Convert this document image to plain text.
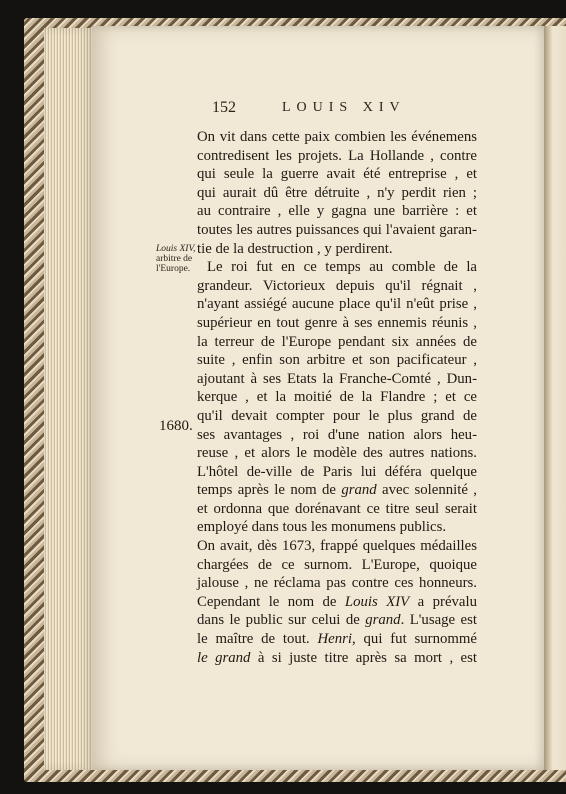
152	LOUIS XIV
Louis XIV,
arbitre de
l'Europe.
1680.
On vit dans cette paix combien les événemens
contredisent les projets. La Hollande , contre
qui seule la guerre avait été entreprise , et
qui aurait dû être détruite , n'y perdit rien ;
au contraire , elle y gagna une barrière : et
toutes les autres puissances qui l'avaient garan-
tie de la destruction , y perdirent.
Le roi fut en ce temps au comble de la
grandeur. Victorieux depuis qu'il régnait ,
n'ayant assiégé aucune place qu'il n'eût prise ,
supérieur en tout genre à ses ennemis réunis ,
la terreur de l'Europe pendant six années de
suite , enfin son arbitre et son pacificateur ,
ajoutant à ses Etats la Franche-Comté , Dun-
kerque , et la moitié de la Flandre ; et ce
qu'il devait compter pour le plus grand de
ses avantages , roi d'une nation alors heu-
reuse , et alors le modèle des autres nations.
L'hôtel de-ville de Paris lui déféra quelque
temps après le nom de grand avec solennité ,
et ordonna que dorénavant ce titre seul serait
employé dans tous les monumens publics.
On avait, dès 1673, frappé quelques médailles
chargées de ce surnom. L'Europe, quoique
jalouse , ne réclama pas contre ces honneurs.
Cependant le nom de Louis XIV a prévalu
dans le public sur celui de grand. L'usage est
le maître de tout. Henri, qui fut surnommé
le grand à si juste titre après sa mort , est
